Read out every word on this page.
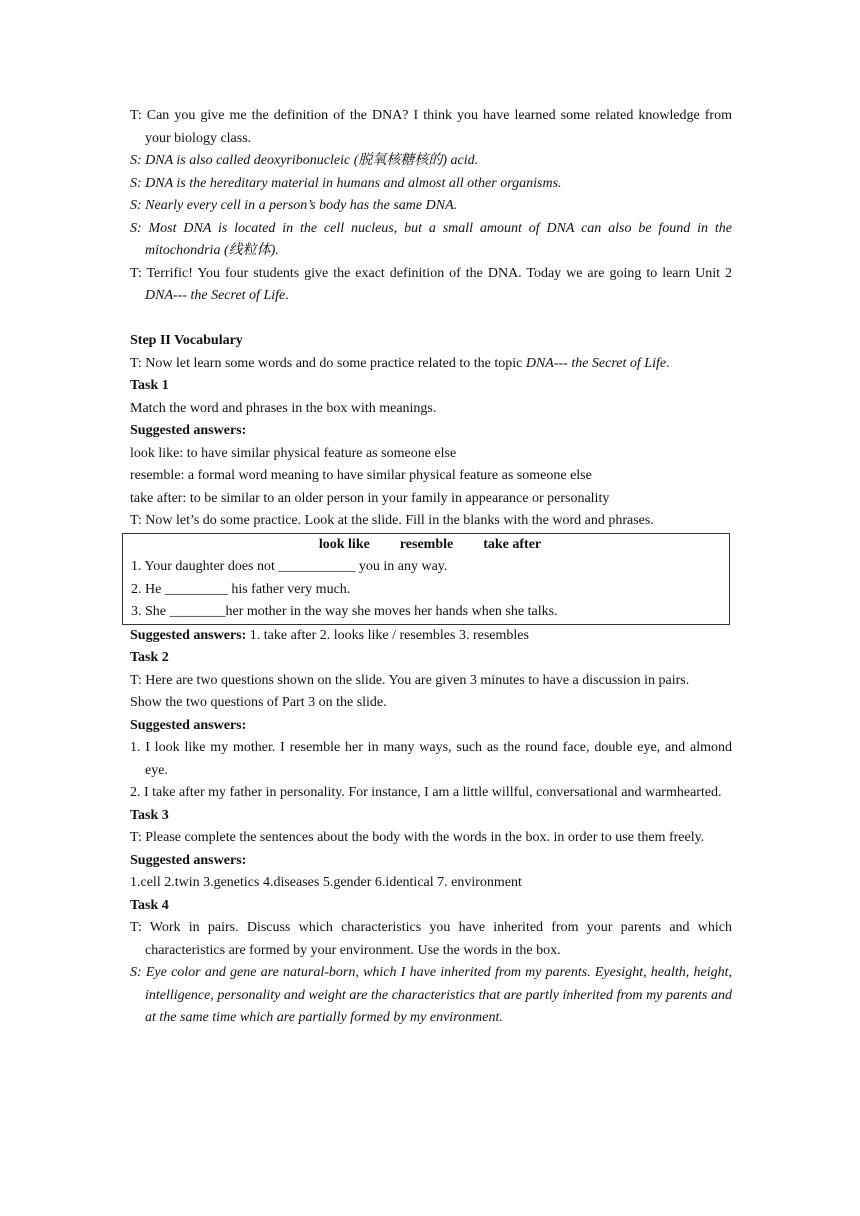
T: Can you give me the definition of the DNA? I think you have learned some related knowledge from your biology class.

S: DNA is also called deoxyribonucleic (脱氧核糖核的) acid.

S: DNA is the hereditary material in humans and almost all other organisms.

S: Nearly every cell in a person’s body has the same DNA.

S: Most DNA is located in the cell nucleus, but a small amount of DNA can also be found in the mitochondria (线粒体).

T: Terrific! You four students give the exact definition of the DNA. Today we are going to learn Unit 2 DNA--- the Secret of Life.

Step II Vocabulary

T: Now let learn some words and do some practice related to the topic DNA--- the Secret of Life.

Task 1

Match the word and phrases in the box with meanings.

Suggested answers:

look like: to have similar physical feature as someone else

resemble: a formal word meaning to have similar physical feature as someone else

take after: to be similar to an older person in your family in appearance or personality

T: Now let’s do some practice. Look at the slide. Fill in the blanks with the word and phrases.

look like resemble take after
1. Your daughter does not ___________ you in any way.
2. He _________ his father very much.
3. She ________her mother in the way she moves her hands when she talks.

Suggested answers: 1. take after 2. looks like / resembles 3. resembles

Task 2

T: Here are two questions shown on the slide. You are given 3 minutes to have a discussion in pairs.

Show the two questions of Part 3 on the slide.

Suggested answers:

1. I look like my mother. I resemble her in many ways, such as the round face, double eye, and almond eye.

2. I take after my father in personality. For instance, I am a little willful, conversational and warmhearted.

Task 3

T: Please complete the sentences about the body with the words in the box. in order to use them freely.

Suggested answers:

1.cell 2.twin 3.genetics 4.diseases 5.gender 6.identical 7. environment

Task 4

T: Work in pairs. Discuss which characteristics you have inherited from your parents and which characteristics are formed by your environment. Use the words in the box.

S: Eye color and gene are natural-born, which I have inherited from my parents. Eyesight, health, height, intelligence, personality and weight are the characteristics that are partly inherited from my parents and at the same time which are partially formed by my environment.
